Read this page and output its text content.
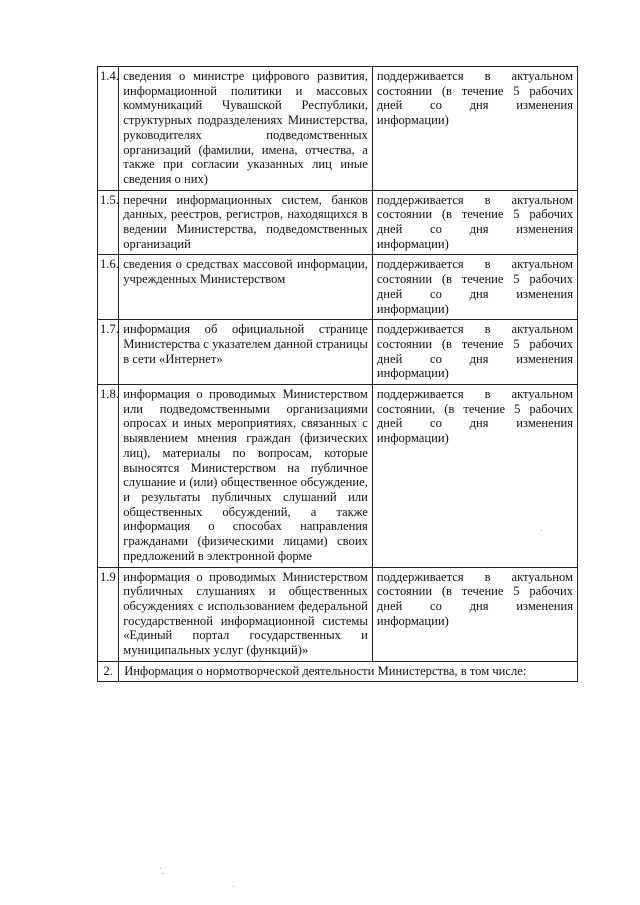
1.4.	сведения о министре цифрового развития, информационной политики и массовых коммуникаций Чувашской Республики, структурных подразделениях Министерства, руководителях подведомственных организаций (фамилии, имена, отчества, а также при согласии указанных лиц иные сведения о них)	поддерживается в актуальном состоянии (в течение 5 рабочих дней со дня изменения информации)
1.5.	перечни информационных систем, банков данных, реестров, регистров, находящихся в ведении Министерства, подведомственных организаций	поддерживается в актуальном состоянии (в течение 5 рабочих дней со дня изменения информации)
1.6.	сведения о средствах массовой информации, учрежденных Министерством	поддерживается в актуальном состоянии (в течение 5 рабочих дней со дня изменения информации)
1.7.	информация об официальной странице Министерства с указателем данной страницы в сети «Интернет»	поддерживается в актуальном состоянии (в течение 5 рабочих дней со дня изменения информации)
1.8.	информация о проводимых Министерством или подведомственными организациями опросах и иных мероприятиях, связанных с выявлением мнения граждан (физических лиц), материалы по вопросам, которые выносятся Министерством на публичное слушание и (или) общественное обсуждение, и результаты публичных слушаний или общественных обсуждений, а также информация о способах направления гражданами (физическими лицами) своих предложений в электронной форме	поддерживается в актуальном состоянии, (в течение 5 рабочих дней со дня изменения информации)
1.9	информация о проводимых Министерством публичных слушаниях и общественных обсуждениях с использованием федеральной государственной информационной системы «Единый портал государственных и муниципальных услуг (функций)»	поддерживается в актуальном состоянии (в течение 5 рабочих дней со дня изменения информации)
2.	Информация о нормотворческой деятельности Министерства, в том числе:	
